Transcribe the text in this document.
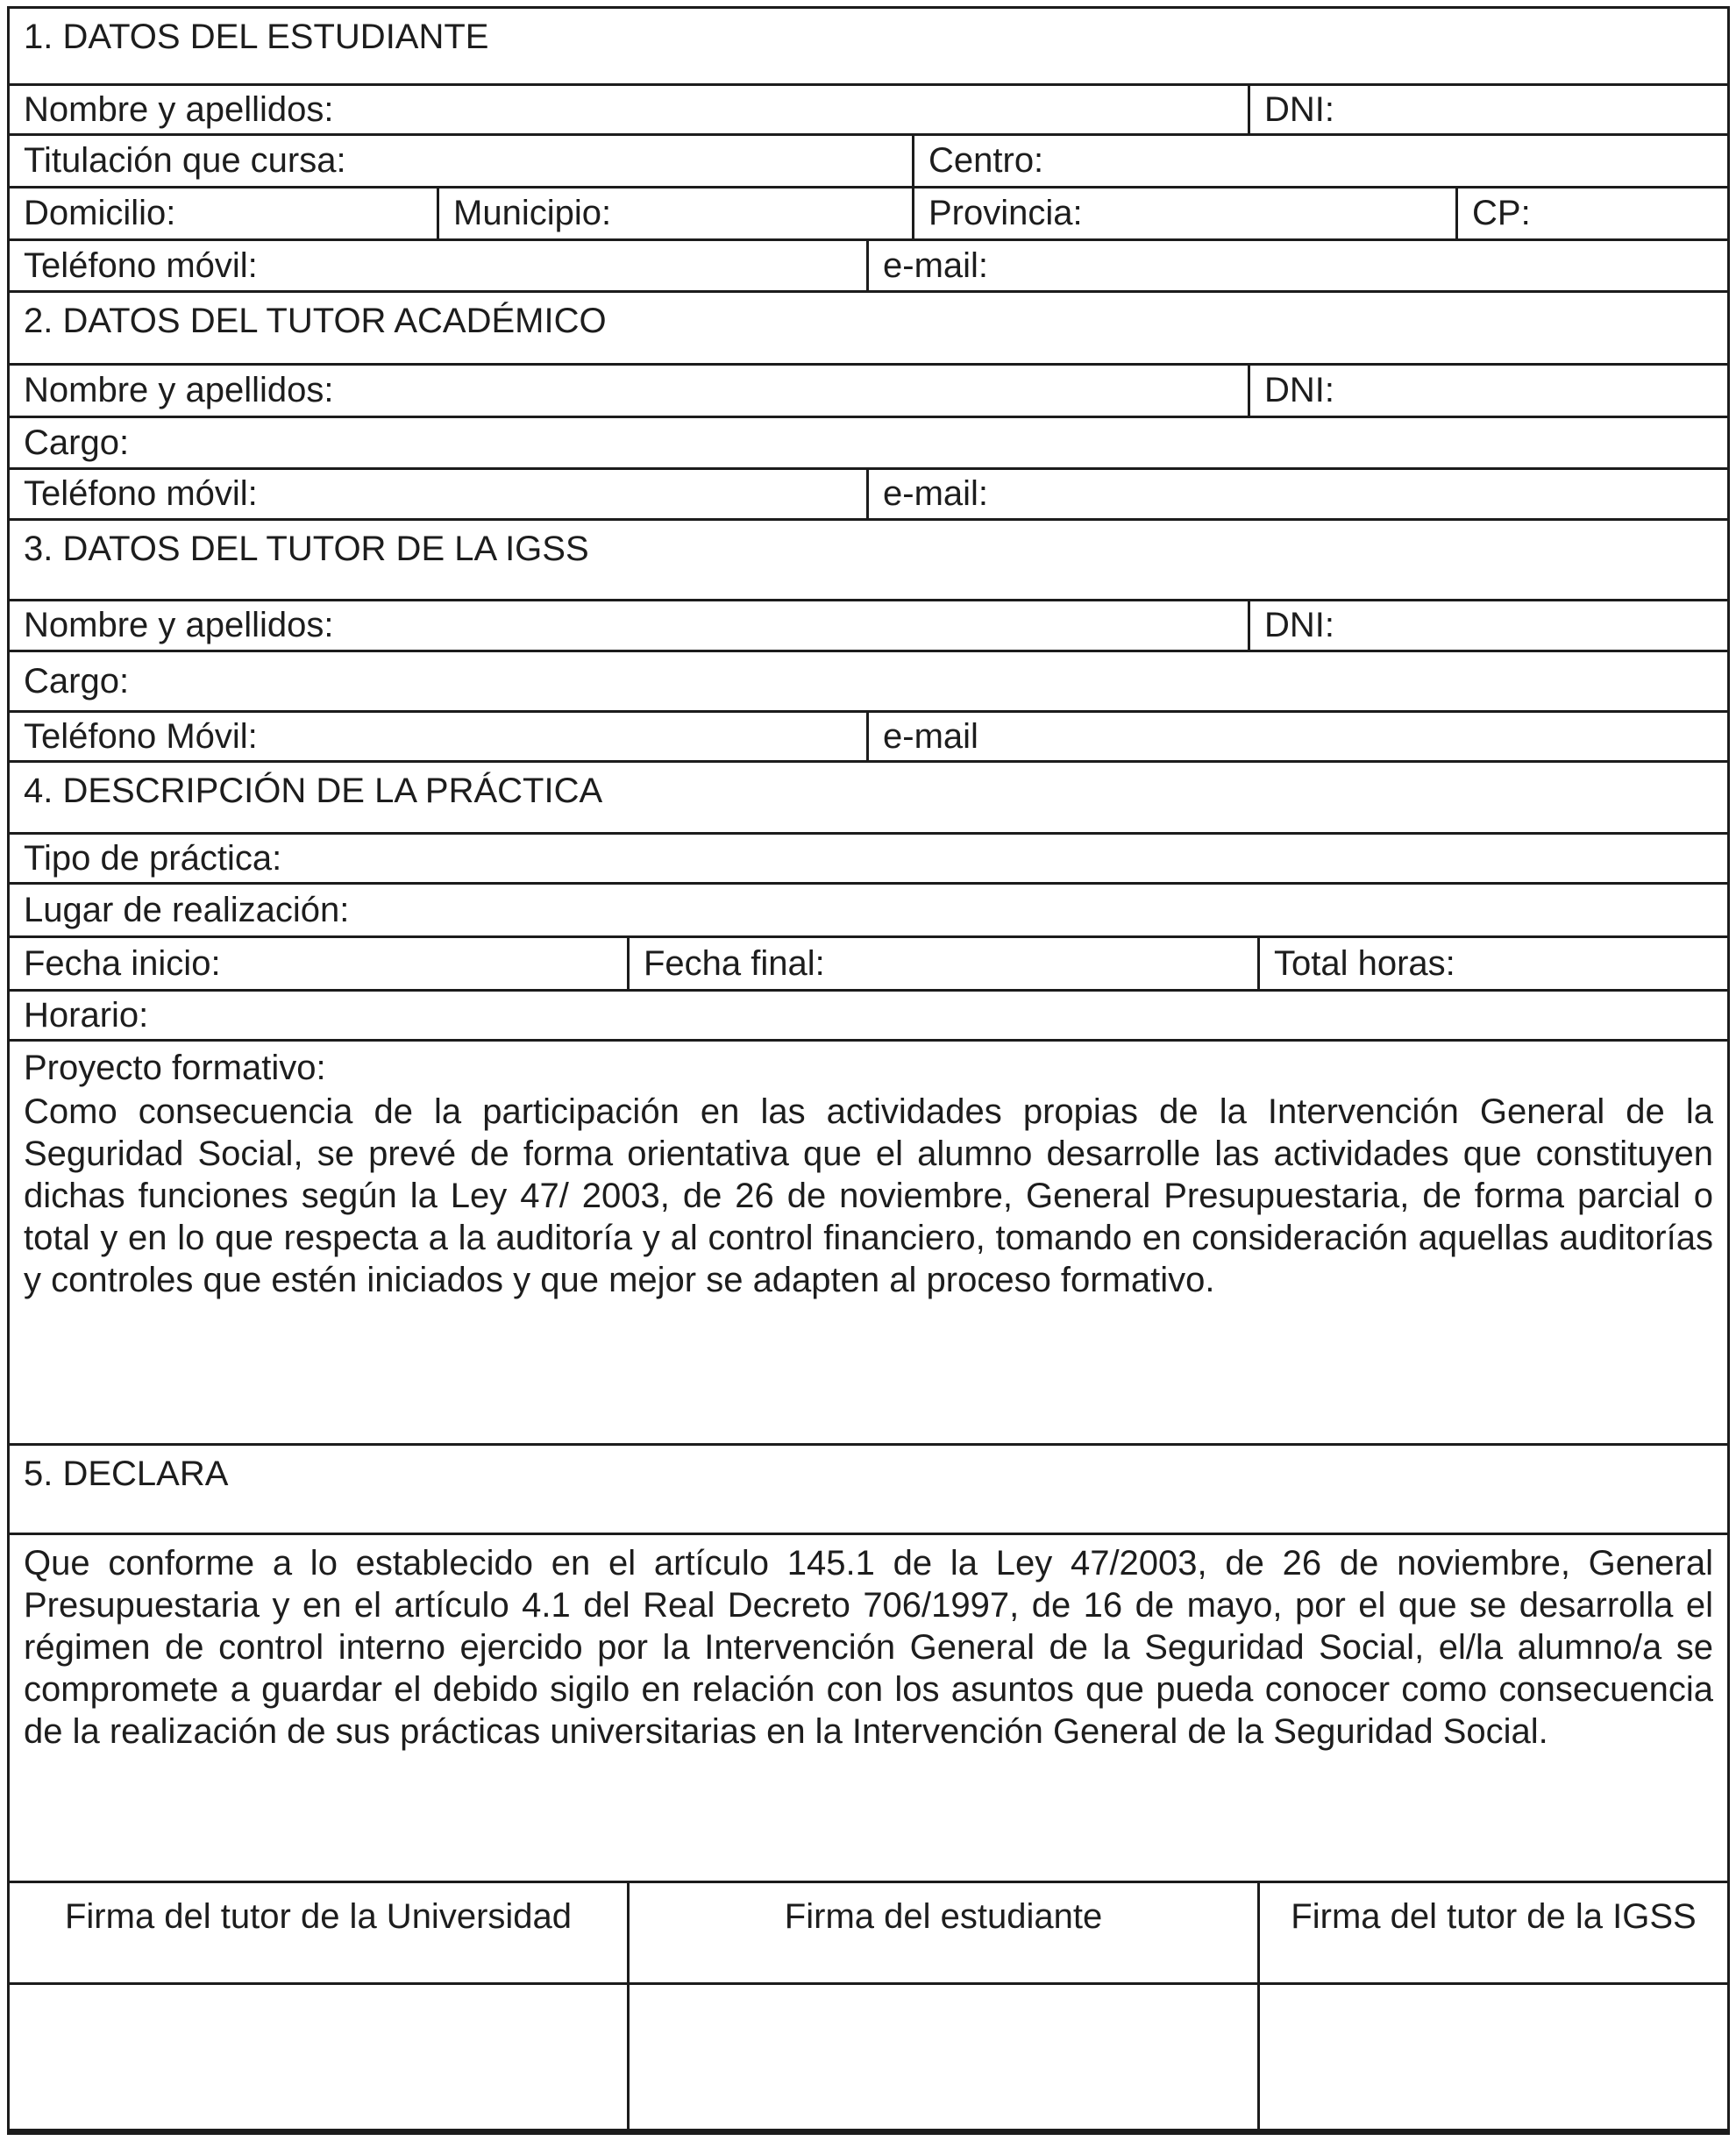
1. DATOS DEL ESTUDIANTE							
Nombre y apellidos:					DNI:		
Titulación que cursa:				Centro:			
Domicilio:	Municipio:			Provincia:			CP:
Teléfono móvil:			e-mail:				
2. DATOS DEL TUTOR ACADÉMICO							
Nombre y apellidos:					DNI:		
Cargo:							
Teléfono móvil:			e-mail:				
3. DATOS DEL TUTOR DE LA IGSS							
Nombre y apellidos:					DNI:		
Cargo:							
Teléfono Móvil:			e-mail				
4. DESCRIPCIÓN DE LA PRÁCTICA							
Tipo de práctica:							
Lugar de realización:							
Fecha inicio:		Fecha final:				Total horas:	
Horario:							

Proyecto formativo:

Como consecuencia de la participación en las actividades propias de la Intervención General de la Seguridad Social, se prevé de forma orientativa que el alumno desarrolle las actividades que constituyen dichas funciones según la Ley 47/ 2003, de 26 de noviembre, General Presupuestaria, de forma parcial o total y en lo que respecta a la auditoría y al control financiero, tomando en consideración aquellas auditorías y controles que estén iniciados y que mejor se adapten al proceso formativo.							

5. DECLARA							

Que conforme a lo establecido en el artículo 145.1 de la Ley 47/2003, de 26 de noviembre, General Presupuestaria y en el artículo 4.1 del Real Decreto 706/1997, de 16 de mayo, por el que se desarrolla el régimen de control interno ejercido por la Intervención General de la Seguridad Social, el/la alumno/a se compromete a guardar el debido sigilo en relación con los asuntos que pueda conocer como consecuencia de la realización de sus prácticas universitarias en la Intervención General de la Seguridad Social.							

Firma del tutor de la Universidad		Firma del estudiante				Firma del tutor de la IGSS	
